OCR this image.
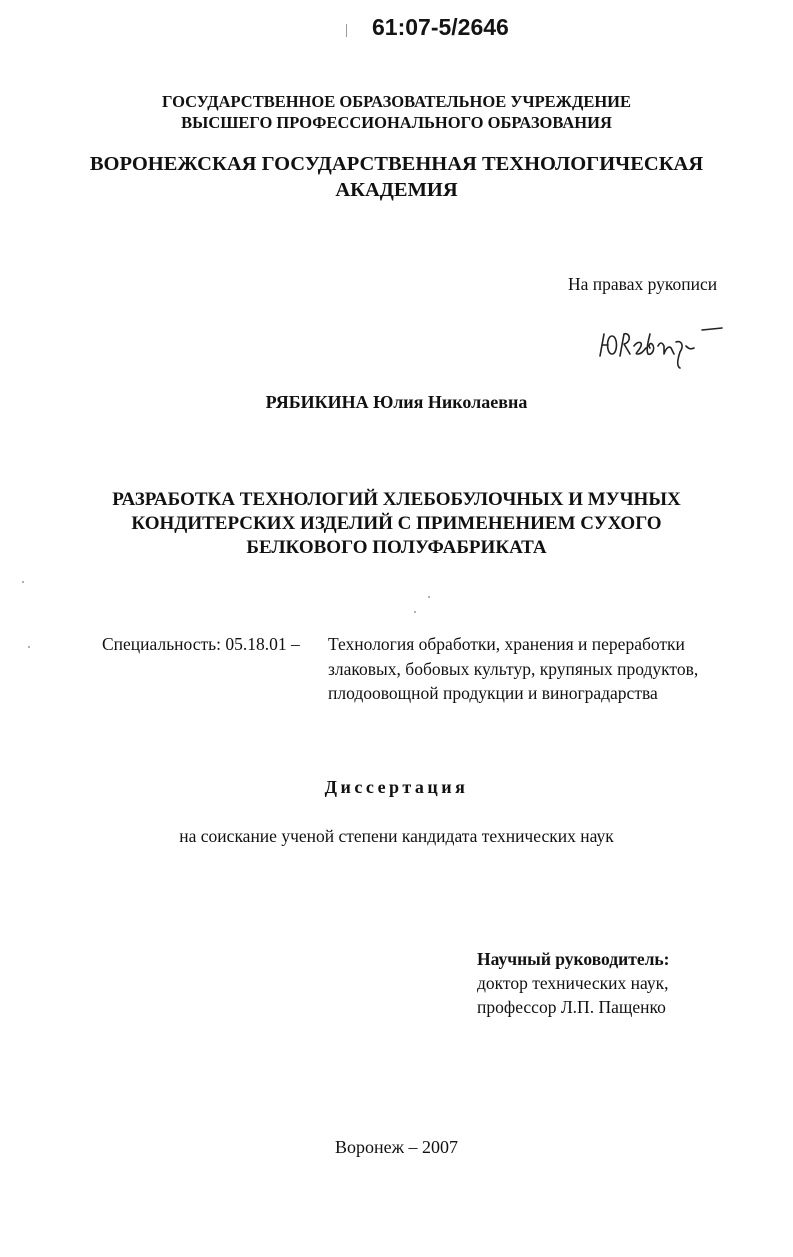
61:07-5/2646
ГОСУДАРСТВЕННОЕ ОБРАЗОВАТЕЛЬНОЕ УЧРЕЖДЕНИЕ
ВЫСШЕГО ПРОФЕССИОНАЛЬНОГО ОБРАЗОВАНИЯ
ВОРОНЕЖСКАЯ ГОСУДАРСТВЕННАЯ ТЕХНОЛОГИЧЕСКАЯ
АКАДЕМИЯ
На правах рукописи
РЯБИКИНА Юлия Николаевна
РАЗРАБОТКА ТЕХНОЛОГИЙ ХЛЕБОБУЛОЧНЫХ И МУЧНЫХ
КОНДИТЕРСКИХ ИЗДЕЛИЙ С ПРИМЕНЕНИЕМ СУХОГО
БЕЛКОВОГО ПОЛУФАБРИКАТА
Специальность: 05.18.01 – Технология обработки, хранения и переработки
злаковых, бобовых культур, крупяных продуктов,
плодоовощной продукции и виноградарства
Диссертация
на соискание ученой степени кандидата технических наук
Научный руководитель:
доктор технических наук,
профессор Л.П. Пащенко
Воронеж – 2007
